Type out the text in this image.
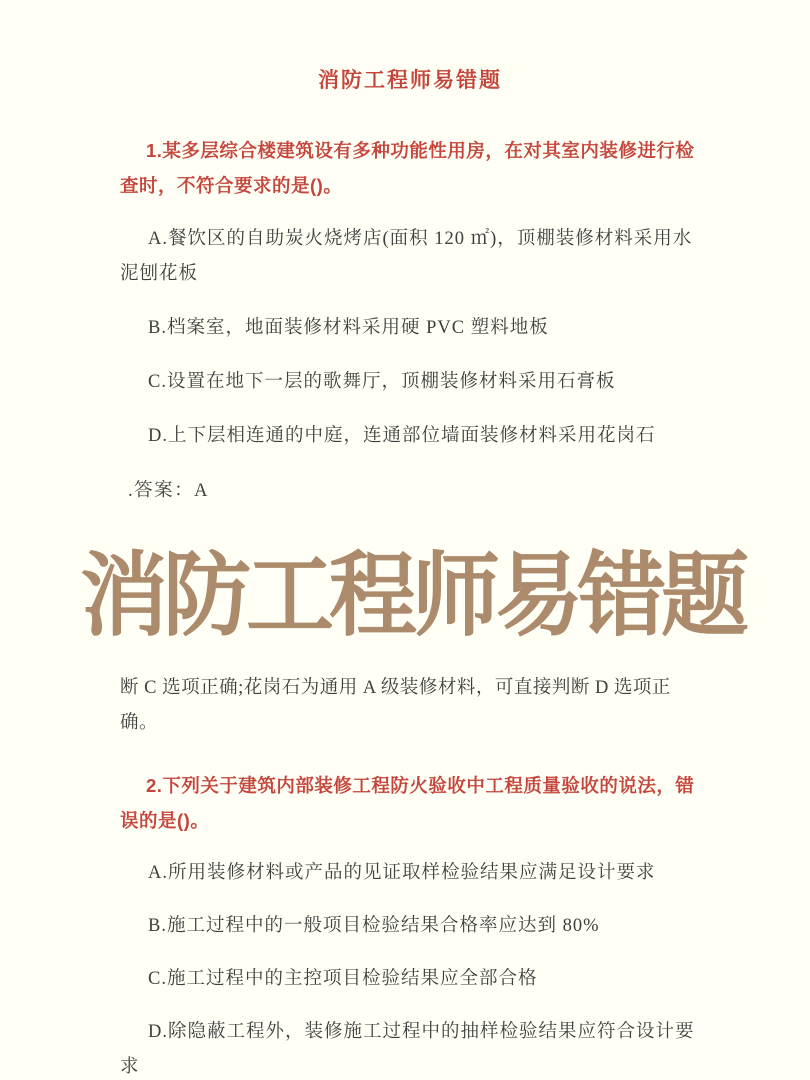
消防工程师易错题

1.某多层综合楼建筑设有多种功能性用房，在对其室内装修进行检查时，不符合要求的是()。

A.餐饮区的自助炭火烧烤店(面积 120 ㎡)，顶棚装修材料采用水泥刨花板

B.档案室，地面装修材料采用硬 PVC 塑料地板

C.设置在地下一层的歌舞厅，顶棚装修材料采用石膏板

D.上下层相连通的中庭，连通部位墙面装修材料采用花岗石

.答案：A

消防工程师易错题

断 C 选项正确;花岗石为通用 A 级装修材料，可直接判断 D 选项正确。

2.下列关于建筑内部装修工程防火验收中工程质量验收的说法，错误的是()。

A.所用装修材料或产品的见证取样检验结果应满足设计要求

B.施工过程中的一般项目检验结果合格率应达到 80%

C.施工过程中的主控项目检验结果应全部合格

D.除隐蔽工程外，装修施工过程中的抽样检验结果应符合设计要求
